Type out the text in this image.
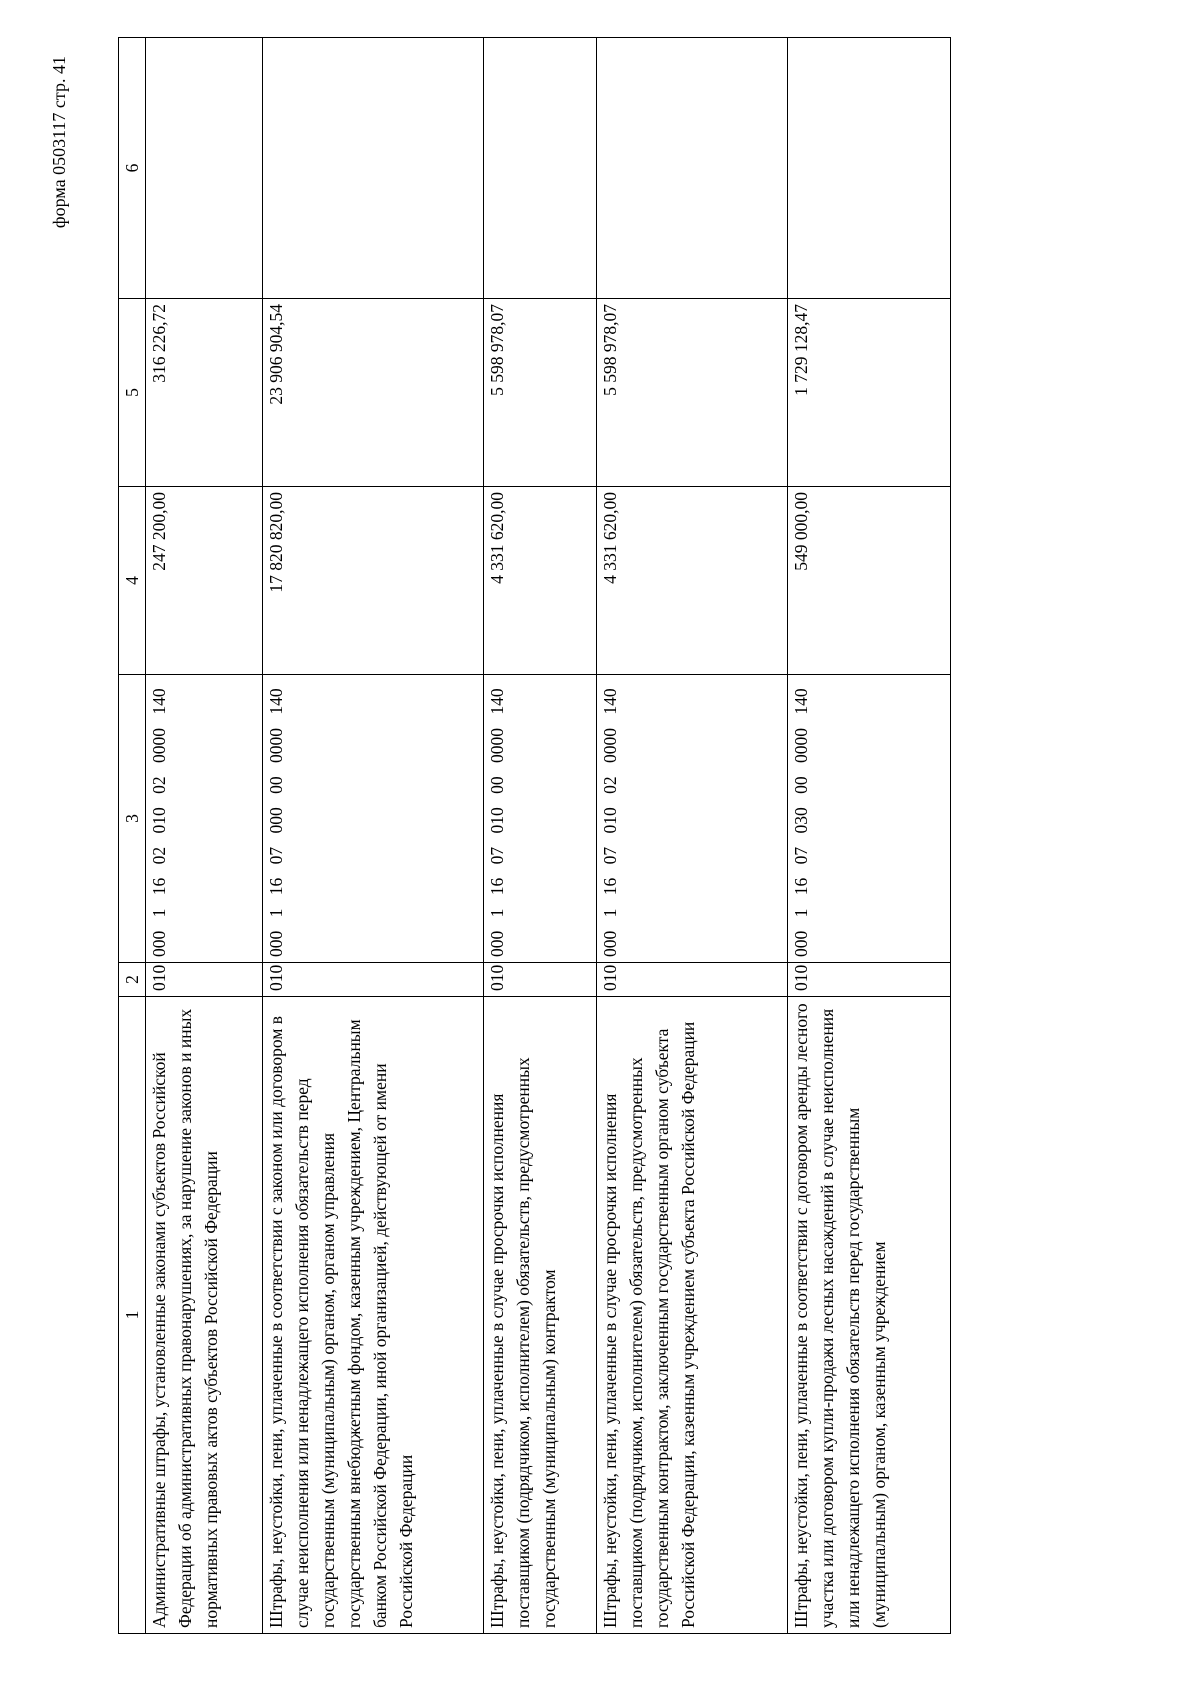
форма 0503117 стр. 41
1	2	3	4	5	6
Административные штрафы, установленные законами субъектов Российской Федерации об административных правонарушениях, за нарушение законов и иных нормативных правовых актов субъектов Российской Федерации	010	000 1 16 02 010 02 0000 140	247 200,00	316 226,72	
Штрафы, неустойки, пени, уплаченные в соответствии с законом или договором в случае неисполнения или ненадлежащего исполнения обязательств перед государственным (муниципальным) органом, органом управления государственным внебюджетным фондом, казенным учреждением, Центральным банком Российской Федерации, иной организацией, действующей от имени Российской Федерации	010	000 1 16 07 000 00 0000 140	17 820 820,00	23 906 904,54	
Штрафы, неустойки, пени, уплаченные в случае просрочки исполнения поставщиком (подрядчиком, исполнителем) обязательств, предусмотренных государственным (муниципальным) контрактом	010	000 1 16 07 010 00 0000 140	4 331 620,00	5 598 978,07	
Штрафы, неустойки, пени, уплаченные в случае просрочки исполнения поставщиком (подрядчиком, исполнителем) обязательств, предусмотренных государственным контрактом, заключенным государственным органом субъекта Российской Федерации, казенным учреждением субъекта Российской Федерации	010	000 1 16 07 010 02 0000 140	4 331 620,00	5 598 978,07	
Штрафы, неустойки, пени, уплаченные в соответствии с договором аренды лесного участка или договором купли-продажи лесных насаждений в случае неисполнения или ненадлежащего исполнения обязательств перед государственным (муниципальным) органом, казенным учреждением	010	000 1 16 07 030 00 0000 140	549 000,00	1 729 128,47	
